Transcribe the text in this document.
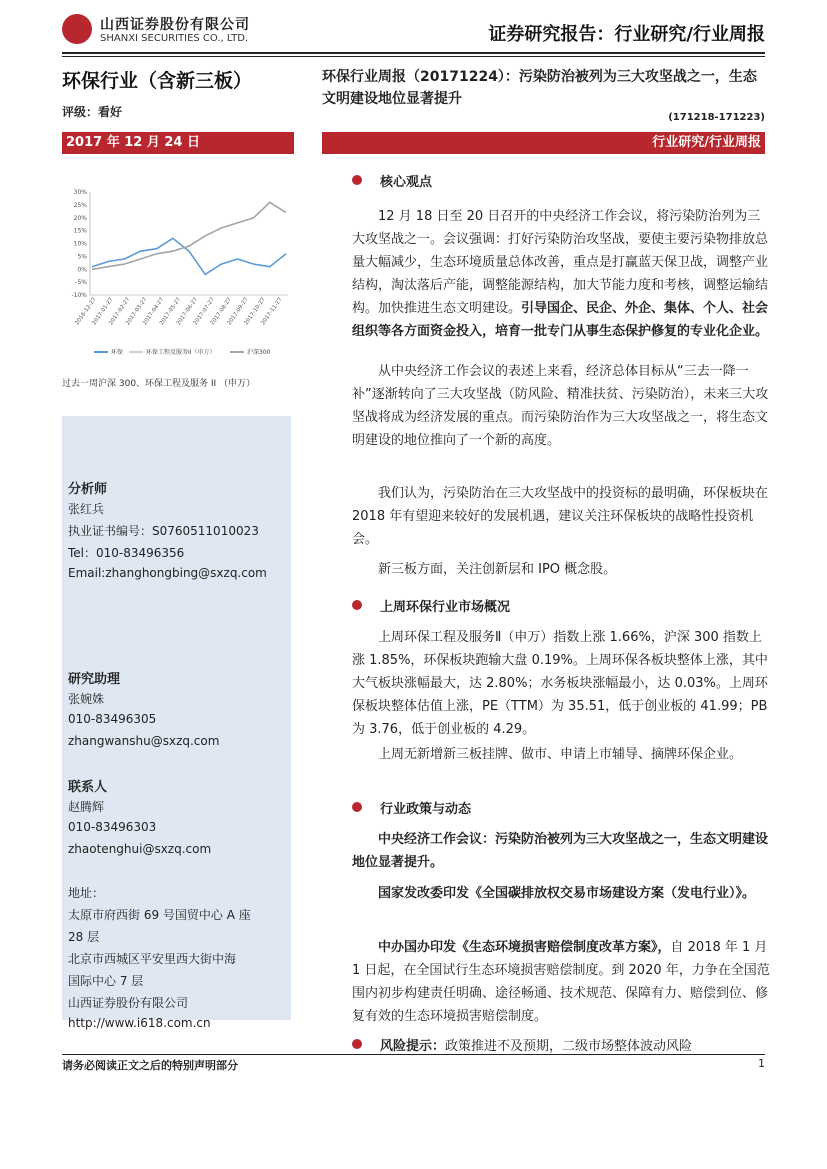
山西证券股份有限公司
SHANXI SECURITIES CO., LTD.	证券研究报告：行业研究/行业周报
环保行业（含新三板）
评级：看好
环保行业周报（20171224）：污染防治被列为三大攻坚战之一，生态文明建设地位显著提升
(171218-171223)
2017 年 12 月 24 日	行业研究/行业周报
30%
25%
20%
15%
10%
5%
0%
-5%
-10%
2016-12-27
2017-01-27
2017-02-27
2017-03-27
2017-04-27
2017-05-27
2017-06-27
2017-07-27
2017-08-27
2017-09-27
2017-10-27
2017-11-27
环保	环保工程及服务II（申万）	沪深300
过去一周沪深 300、环保工程及服务 II （申万）
分析师
张红兵
执业证书编号：S0760511010023
Tel：010-83496356
Email:zhanghongbing@sxzq.com
研究助理
张婉姝
010-83496305
zhangwanshu@sxzq.com
联系人
赵腾辉
010-83496303
zhaotenghui@sxzq.com
地址：
太原市府西街 69 号国贸中心 A 座
28 层
北京市西城区平安里西大街中海
国际中心 7 层
山西证券股份有限公司
http://www.i618.com.cn
核心观点
12 月 18 日至 20 日召开的中央经济工作会议，将污染防治列为三大攻坚战之一。会议强调：打好污染防治攻坚战，要使主要污染物排放总量大幅减少，生态环境质量总体改善，重点是打赢蓝天保卫战，调整产业结构，淘汰落后产能，调整能源结构，加大节能力度和考核，调整运输结构。加快推进生态文明建设。引导国企、民企、外企、集体、个人、社会组织等各方面资金投入，培育一批专门从事生态保护修复的专业化企业。
从中央经济工作会议的表述上来看，经济总体目标从“三去一降一补”逐渐转向了三大攻坚战（防风险、精准扶贫、污染防治），未来三大攻坚战将成为经济发展的重点。而污染防治作为三大攻坚战之一，将生态文明建设的地位推向了一个新的高度。
我们认为，污染防治在三大攻坚战中的投资标的最明确，环保板块在 2018 年有望迎来较好的发展机遇，建议关注环保板块的战略性投资机会。
新三板方面，关注创新层和 IPO 概念股。
上周环保行业市场概况
上周环保工程及服务Ⅱ（申万）指数上涨 1.66%，沪深 300 指数上涨 1.85%，环保板块跑输大盘 0.19%。上周环保各板块整体上涨，其中大气板块涨幅最大，达 2.80%；水务板块涨幅最小，达 0.03%。上周环保板块整体估值上涨，PE（TTM）为 35.51，低于创业板的 41.99；PB 为 3.76，低于创业板的 4.29。
上周无新增新三板挂牌、做市、申请上市辅导、摘牌环保企业。
行业政策与动态
中央经济工作会议：污染防治被列为三大攻坚战之一，生态文明建设地位显著提升。
国家发改委印发《全国碳排放权交易市场建设方案（发电行业）》。
中办国办印发《生态环境损害赔偿制度改革方案》，自 2018 年 1 月 1 日起，在全国试行生态环境损害赔偿制度。到 2020 年，力争在全国范围内初步构建责任明确、途径畅通、技术规范、保障有力、赔偿到位、修复有效的生态环境损害赔偿制度。
风险提示：政策推进不及预期，二级市场整体波动风险
请务必阅读正文之后的特别声明部分	1
